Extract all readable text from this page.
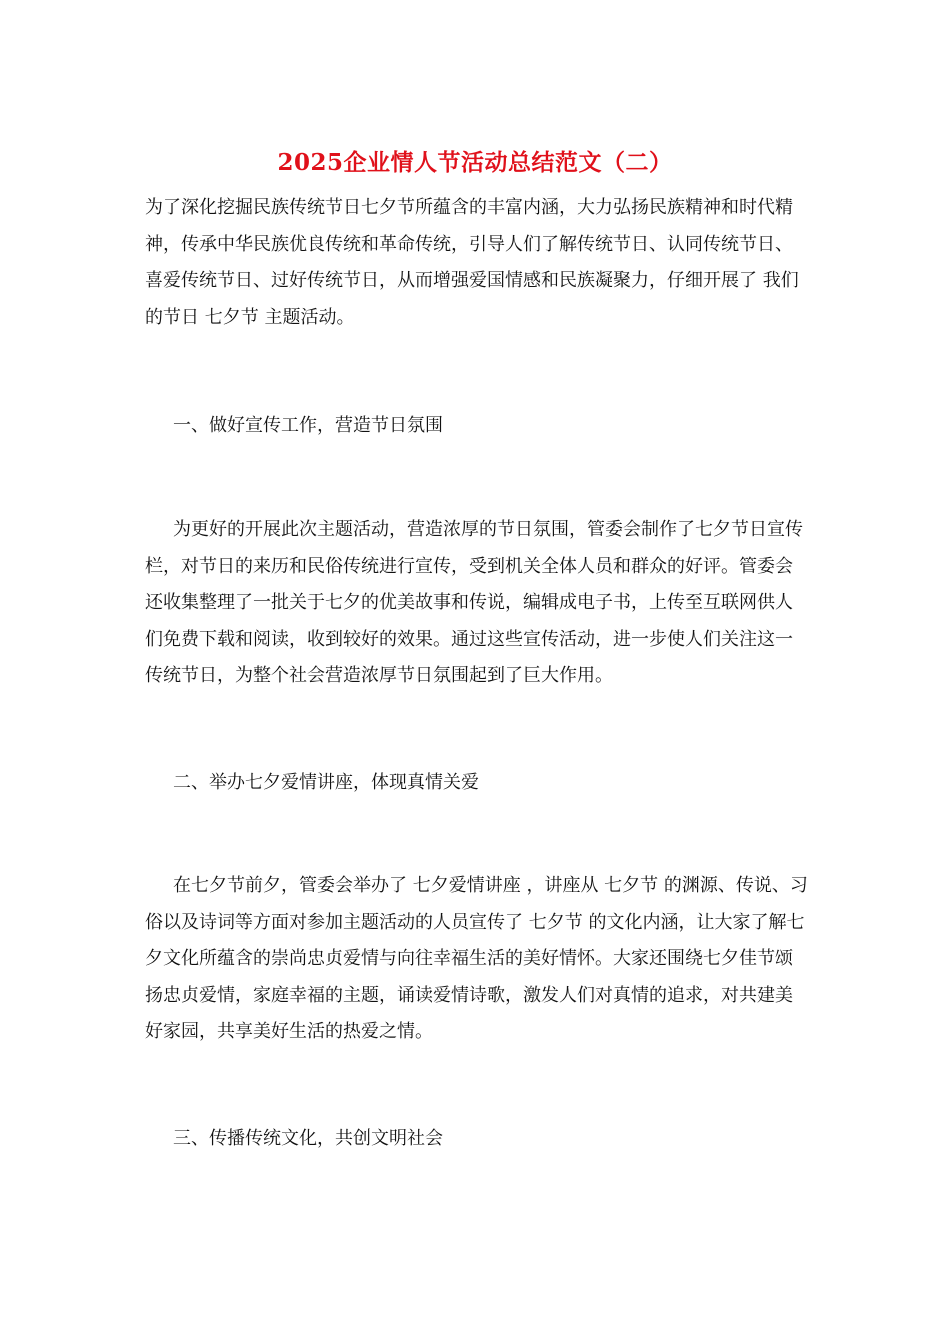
2025企业情人节活动总结范文（二）

为了深化挖掘民族传统节日七夕节所蕴含的丰富内涵，大力弘扬民族精神和时代精神，传承中华民族优良传统和革命传统，引导人们了解传统节日、认同传统节日、喜爱传统节日、过好传统节日，从而增强爱国情感和民族凝聚力，仔细开展了 我们的节日 七夕节 主题活动。

一、做好宣传工作，营造节日氛围

为更好的开展此次主题活动，营造浓厚的节日氛围，管委会制作了七夕节日宣传栏，对节日的来历和民俗传统进行宣传，受到机关全体人员和群众的好评。管委会还收集整理了一批关于七夕的优美故事和传说，编辑成电子书，上传至互联网供人们免费下载和阅读，收到较好的效果。通过这些宣传活动，进一步使人们关注这一传统节日，为整个社会营造浓厚节日氛围起到了巨大作用。

二、举办七夕爱情讲座，体现真情关爱

在七夕节前夕，管委会举办了 七夕爱情讲座 ，讲座从 七夕节 的渊源、传说、习俗以及诗词等方面对参加主题活动的人员宣传了 七夕节 的文化内涵，让大家了解七夕文化所蕴含的崇尚忠贞爱情与向往幸福生活的美好情怀。大家还围绕七夕佳节颂扬忠贞爱情，家庭幸福的主题，诵读爱情诗歌，激发人们对真情的追求，对共建美好家园，共享美好生活的热爱之情。

三、传播传统文化，共创文明社会
